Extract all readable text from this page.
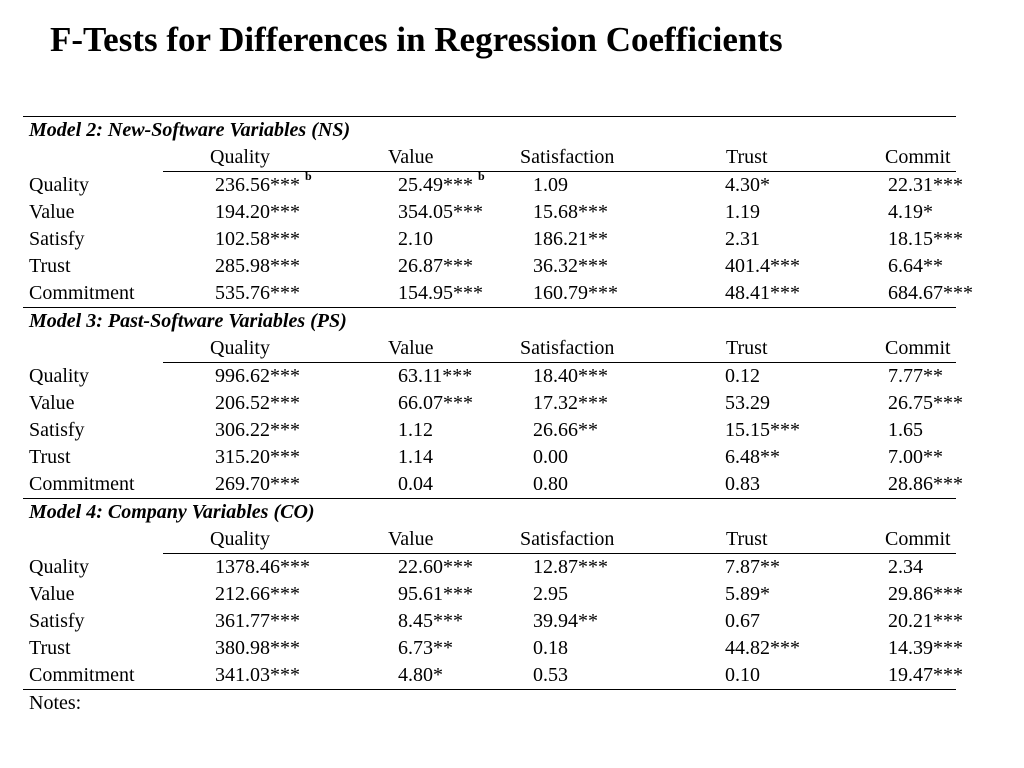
F-Tests for Differences in Regression Coefficients
Model 2: New-Software Variables (NS)					
	Quality	Value	Satisfaction	Trust	Commit
Quality	236.56*** $^b$	25.49*** $^b$	1.09	4.30*	22.31***
Value	194.20***	354.05***	15.68***	1.19	4.19*
Satisfy	102.58***	2.10	186.21**	2.31	18.15***
Trust	285.98***	26.87***	36.32***	401.4***	6.64**
Commitment	535.76***	154.95***	160.79***	48.41***	684.67***
Model 3: Past-Software Variables (PS)					
	Quality	Value	Satisfaction	Trust	Commit
Quality	996.62***	63.11***	18.40***	0.12	7.77**
Value	206.52***	66.07***	17.32***	53.29	26.75***
Satisfy	306.22***	1.12	26.66**	15.15***	1.65
Trust	315.20***	1.14	0.00	6.48**	7.00**
Commitment	269.70***	0.04	0.80	0.83	28.86***
Model 4: Company Variables (CO)					
	Quality	Value	Satisfaction	Trust	Commit
Quality	1378.46***	22.60***	12.87***	7.87**	2.34
Value	212.66***	95.61***	2.95	5.89*	29.86***
Satisfy	361.77***	8.45***	39.94**	0.67	20.21***
Trust	380.98***	6.73**	0.18	44.82***	14.39***
Commitment	341.03***	4.80*	0.53	0.10	19.47***
Notes:					
